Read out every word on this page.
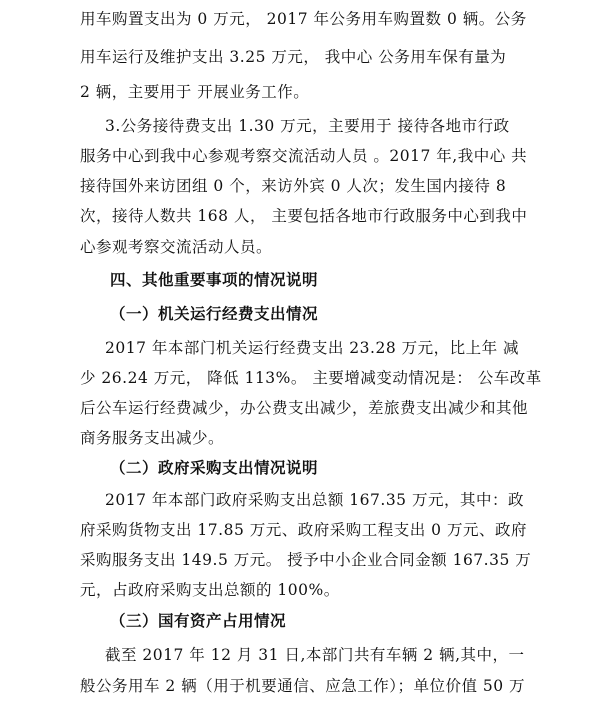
用车购置支出为 0 万元， 2017 年公务用车购置数 0 辆。公务
用车运行及维护支出 3.25 万元， 我中心 公务用车保有量为
2 辆，主要用于 开展业务工作。
3.公务接待费支出 1.30 万元，主要用于 接待各地市行政
服务中心到我中心参观考察交流活动人员 。2017 年,我中心 共
接待国外来访团组 0 个，来访外宾 0 人次；发生国内接待 8
次，接待人数共 168 人， 主要包括各地市行政服务中心到我中
心参观考察交流活动人员。
四、其他重要事项的情况说明
（一）机关运行经费支出情况
2017 年本部门机关运行经费支出 23.28 万元，比上年 减
少 26.24 万元， 降低 113%。 主要增减变动情况是： 公车改革
后公车运行经费减少，办公费支出减少，差旅费支出减少和其他
商务服务支出减少。
（二）政府采购支出情况说明
2017 年本部门政府采购支出总额 167.35 万元，其中：政
府采购货物支出 17.85 万元、政府采购工程支出 0 万元、政府
采购服务支出 149.5 万元。 授予中小企业合同金额 167.35 万
元，占政府采购支出总额的 100%。
（三）国有资产占用情况
截至 2017 年 12 月 31 日,本部门共有车辆 2 辆,其中，一
般公务用车 2 辆（用于机要通信、应急工作）；单位价值 50 万
